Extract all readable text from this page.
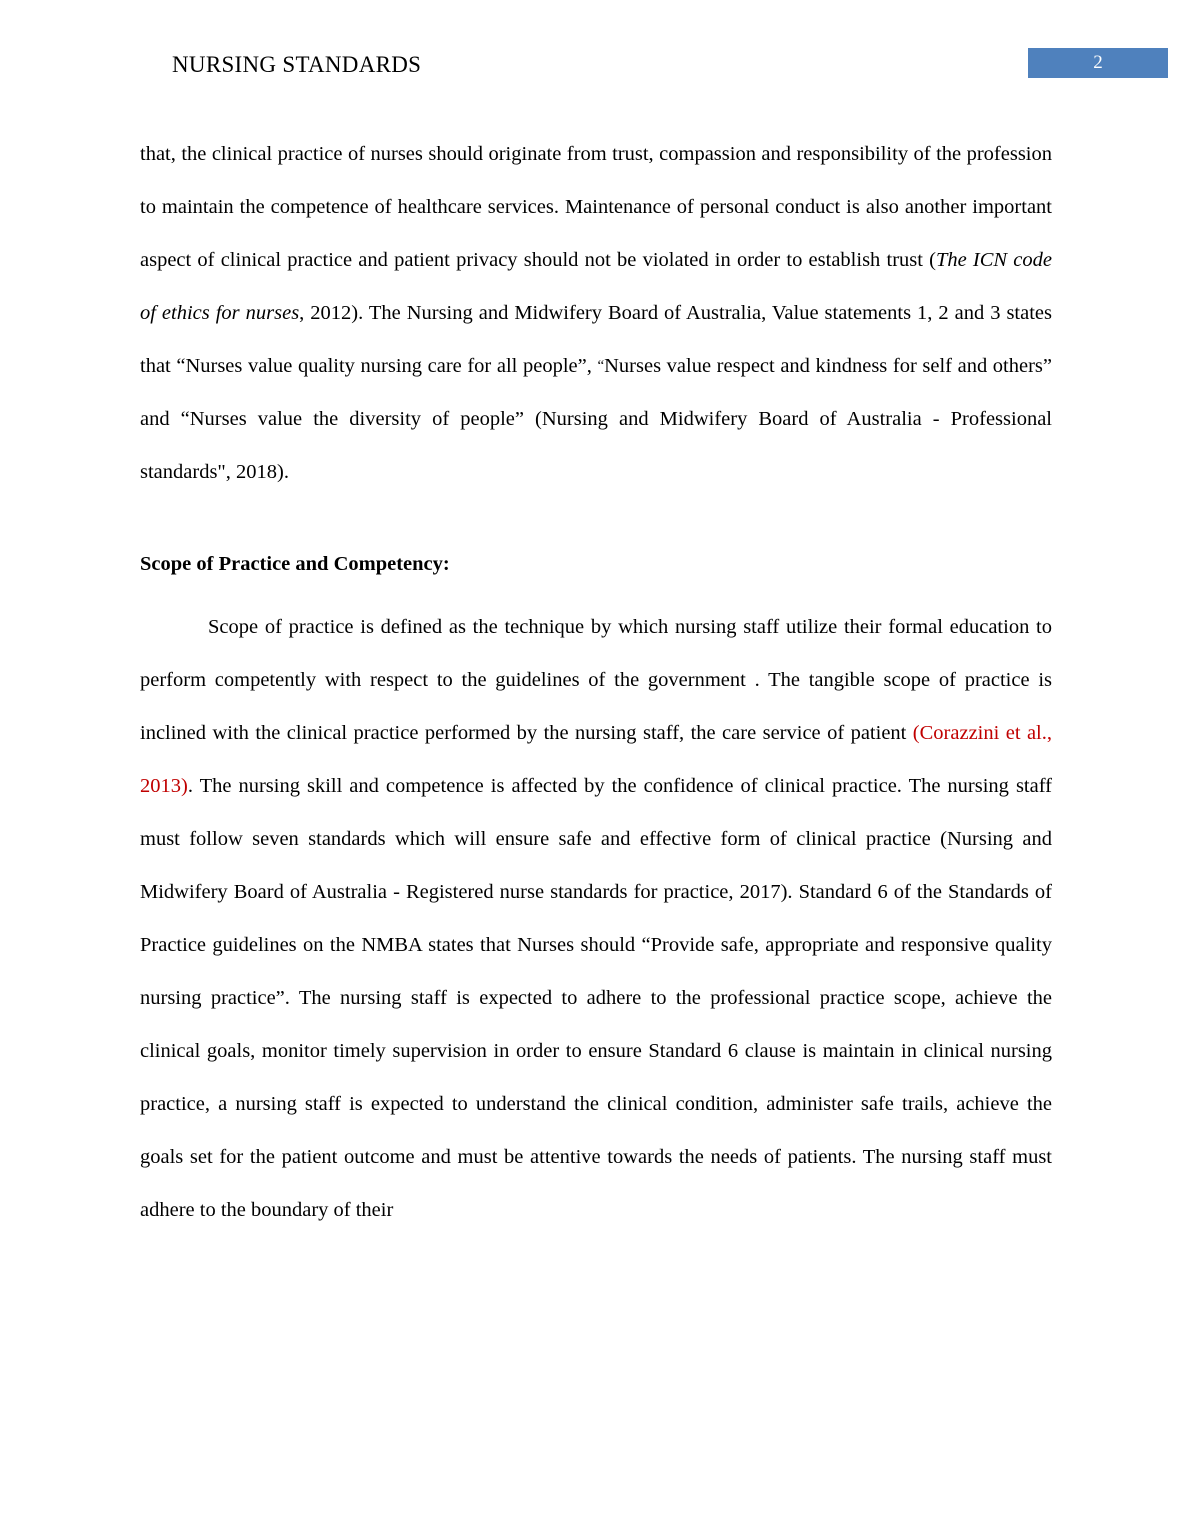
NURSING STANDARDS	2

that, the clinical practice of nurses should originate from trust, compassion and responsibility of the profession to maintain the competence of healthcare services. Maintenance of personal conduct is also another important aspect of clinical practice and patient privacy should not be violated in order to establish trust (The ICN code of ethics for nurses, 2012). The Nursing and Midwifery Board of Australia, Value statements 1, 2 and 3 states that “Nurses value quality nursing care for all people”, “Nurses value respect and kindness for self and others” and “Nurses value the diversity of people” (Nursing and Midwifery Board of Australia - Professional standards", 2018).

Scope of Practice and Competency:

Scope of practice is defined as the technique by which nursing staff utilize their formal education to perform competently with respect to the guidelines of the government . The tangible scope of practice is inclined with the clinical practice performed by the nursing staff, the care service of patient (Corazzini et al., 2013). The nursing skill and competence is affected by the confidence of clinical practice. The nursing staff must follow seven standards which will ensure safe and effective form of clinical practice (Nursing and Midwifery Board of Australia - Registered nurse standards for practice, 2017). Standard 6 of the Standards of Practice guidelines on the NMBA states that Nurses should “Provide safe, appropriate and responsive quality nursing practice”. The nursing staff is expected to adhere to the professional practice scope, achieve the clinical goals, monitor timely supervision in order to ensure Standard 6 clause is maintain in clinical nursing practice, a nursing staff is expected to understand the clinical condition, administer safe trails, achieve the goals set for the patient outcome and must be attentive towards the needs of patients. The nursing staff must adhere to the boundary of their
